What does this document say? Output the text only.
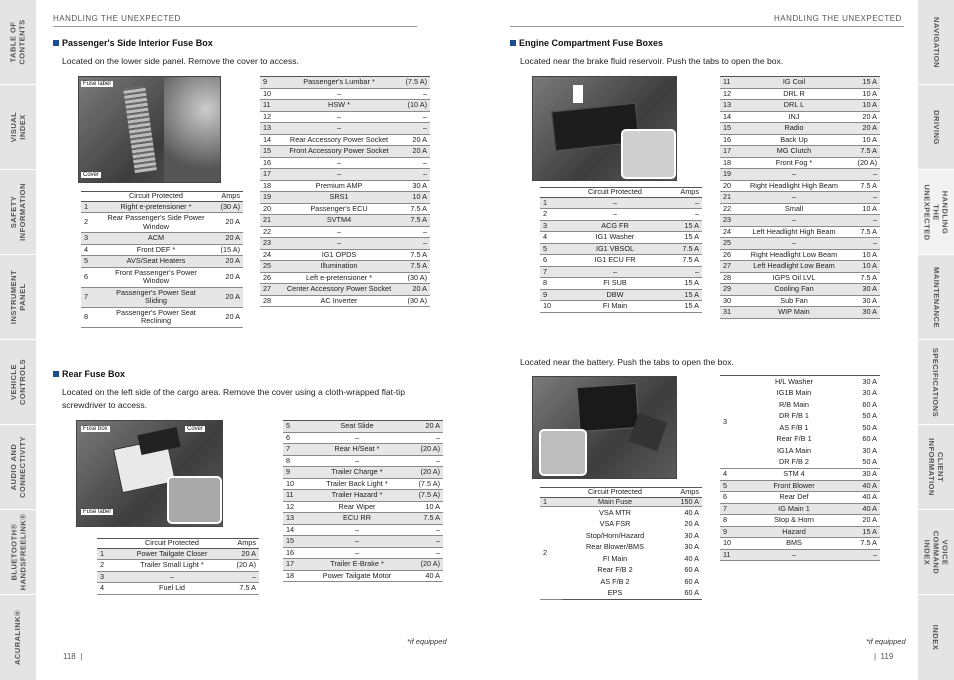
TABLE OF
CONTENTS
VISUAL INDEX
SAFETY
INFORMATION
INSTRUMENT
PANEL
VEHICLE
CONTROLS
AUDIO AND
CONNECTIVITY
BLUETOOTH®
HANDSFREELINK®
ACURALINK®
NAVIGATION
DRIVING
HANDLING THE
UNEXPECTED
MAINTENANCE
SPECIFICATIONS
CLIENT
INFORMATION
VOICE
COMMAND INDEX
INDEX
HANDLING THE UNEXPECTED	HANDLING THE UNEXPECTED
Passenger's Side Interior Fuse Box
Located on the lower side panel. Remove the cover to access.
Fuse label
Cover
	Circuit Protected	Amps
1	Right e-pretensioner *	(30 A)
2	Rear Passenger's Side Power Window	20 A
3	ACM	20 A
4	Front DEF *	(15 A)
5	AVS/Seat Heaters	20 A
6	Front Passenger's Power Window	20 A
7	Passenger's Power Seat Sliding	20 A
8	Passenger's Power Seat Reclining	20 A
9	Passenger's Lumbar *	(7.5 A)
10	–	–
11	HSW *	(10 A)
12	–	–
13	–	–
14	Rear Accessory Power Socket	20 A
15	Front Accessory Power Socket	20 A
16	–	–
17	–	–
18	Premium AMP	30 A
19	SRS1	10 A
20	Passenger's ECU	7.5 A
21	SVTM4	7.5 A
22	–	–
23	–	–
24	IG1 OPDS	7.5 A
25	Illumination	7.5 A
26	Left e-pretensioner *	(30 A)
27	Center Accessory Power Socket	20 A
28	AC Inverter	(30 A)
Rear Fuse Box
Located on the left side of the cargo area. Remove the cover using a cloth-wrapped flat-tip screwdriver to access.
Fuse box	Cover
Fuse label
	Circuit Protected	Amps
1	Power Tailgate Closer	20 A
2	Trailer Small Light *	(20 A)
3	–	–
4	Fuel Lid	7.5 A
5	Seat Slide	20 A
6	–	–
7	Rear H/Seat *	(20 A)
8	–	–
9	Trailer Charge *	(20 A)
10	Trailer Back Light *	(7.5 A)
11	Trailer Hazard *	(7.5 A)
12	Rear Wiper	10 A
13	ECU RR	7.5 A
14	–	–
15	–	–
16	–	–
17	Trailer E-Brake *	(20 A)
18	Power Tailgate Motor	40 A
Engine Compartment Fuse Boxes
Located near the brake fluid reservoir. Push the tabs to open the box.
	Circuit Protected	Amps
1	–	–
2	–	–
3	ACG FR	15 A
4	IG1 Washer	15 A
5	IG1 VBSOL	7.5 A
6	IG1 ECU FR	7.5 A
7	–	–
8	FI SUB	15 A
9	DBW	15 A
10	FI Main	15 A
11	IG Coil	15 A
12	DRL R	10 A
13	DRL L	10 A
14	INJ	20 A
15	Radio	20 A
16	Back Up	10 A
17	MG Clutch	7.5 A
18	Front Fog *	(20 A)
19	–	–
20	Right Headlight High Beam	7.5 A
21	–	–
22	Small	10 A
23	–	–
24	Left Headlight High Beam	7.5 A
25	–	–
26	Right Headlight Low Beam	10 A
27	Left Headlight Low Beam	10 A
28	IGPS Oil LVL	7.5 A
29	Cooling Fan	30 A
30	Sub Fan	30 A
31	WIP Main	30 A
Located near the battery. Push the tabs to open the box.
	Circuit Protected	Amps
1	Main Fuse	150 A
2	VSA MTR	40 A
	VSA FSR	20 A
	Stop/Horn/Hazard	30 A
	Rear Blower/BMS	30 A
	FI Main	40 A
	Rear F/B 2	60 A
	AS F/B 2	60 A
	EPS	60 A
3	H/L Washer	30 A
	IG1B Main	30 A
	R/B Main	60 A
	DR F/B 1	50 A
	AS F/B 1	50 A
	Rear F/B 1	60 A
	IG1A Main	30 A
	DR F/B 2	50 A
4	STM 4	30 A
5	Front Blower	40 A
6	Rear Def	40 A
7	IG Main 1	40 A
8	Stop & Horn	20 A
9	Hazard	15 A
10	BMS	7.5 A
11	–	–
*if equipped	*if equipped
118  |	|  119
